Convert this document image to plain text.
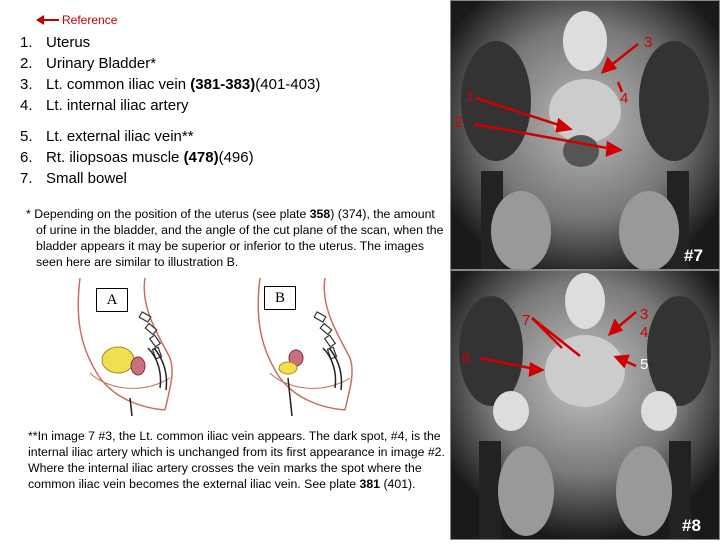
Reference
1. Uterus
2. Urinary Bladder*
3. Lt. common iliac vein (381-383)(401-403)
4. Lt. internal iliac artery
5. Lt. external iliac vein**
6. Rt. iliopsoas muscle (478)(496)
7. Small bowel
* Depending on the position of the uterus (see plate 358) (374), the amount of urine in the bladder, and the angle of the cut plane of the scan, when the bladder appears it may be superior or inferior to the uterus. The images seen here are similar to illustration B.
A	B
**In image 7 #3, the Lt. common iliac vein appears. The dark spot, #4, is the internal iliac artery which is unchanged from its first appearance in image #2. Where the internal iliac artery crosses the vein marks the spot where the common iliac vein becomes the external iliac vein. See plate 381 (401).
1
2
3
4
#7
6
7	3
4
5
#8
